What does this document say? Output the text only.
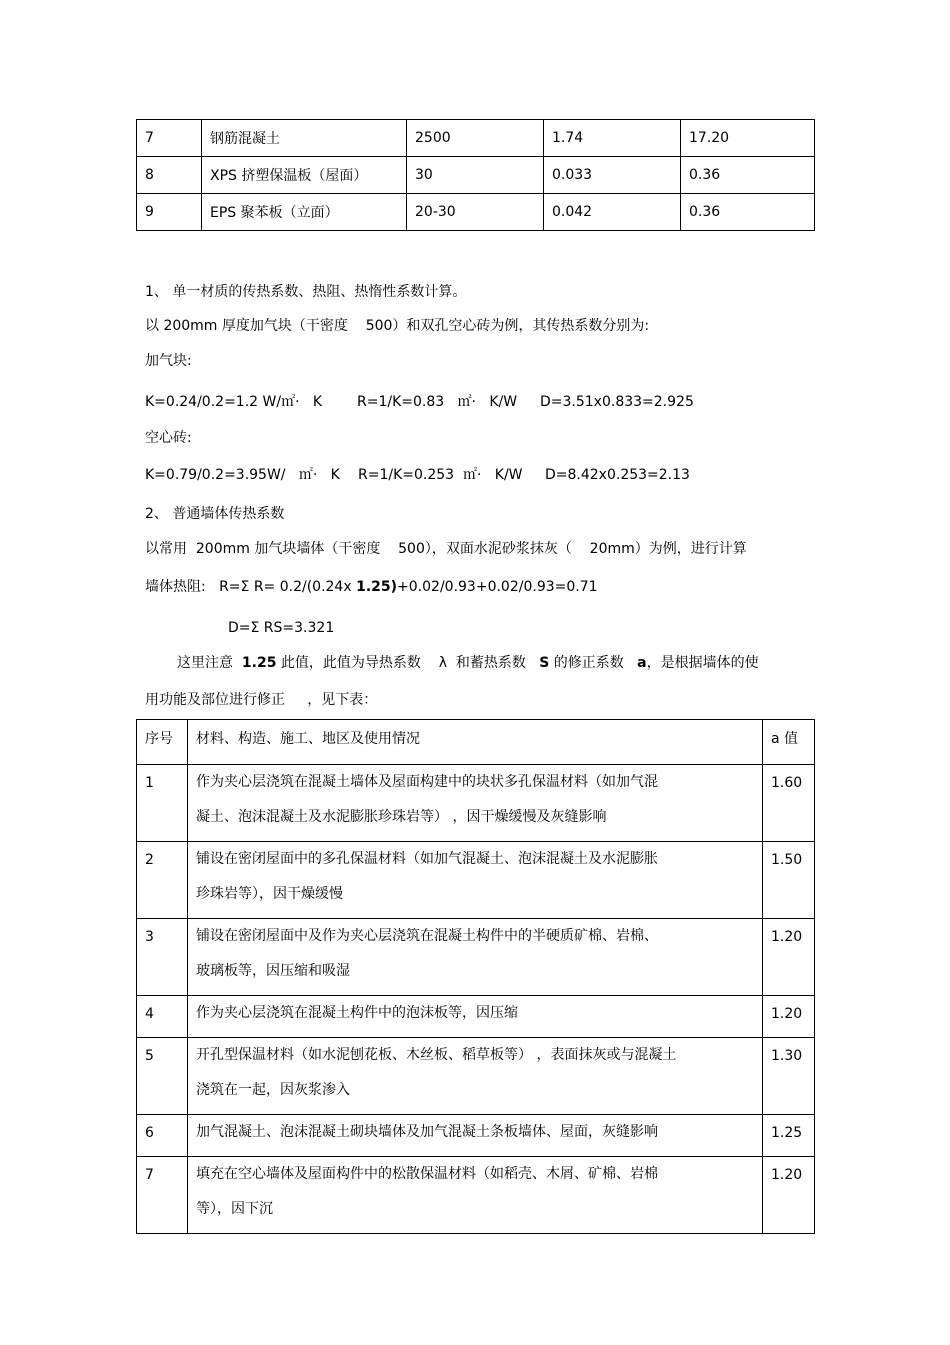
7	钢筋混凝土	2500	1.74	17.20
8	XPS 挤塑保温板（屋面）	30	0.033	0.36
9	EPS 聚苯板（立面）	20-30	0.042	0.36
1、 单一材质的传热系数、热阻、热惰性系数计算。
以 200mm 厚度加气块（干密度    500）和双孔空心砖为例，其传热系数分别为:
加气块:
K=0.24/0.2=1.2 W/㎡·   K R=1/K=0.83   ㎡·   K/W D=3.51x0.833=2.925
空心砖:
K=0.79/0.2=3.95W/   ㎡·   K R=1/K=0.253  ㎡·   K/W D=8.42x0.253=2.13
2、 普通墙体传热系数
以常用  200mm 加气块墙体（干密度    500），双面水泥砂浆抹灰（    20mm）为例，进行计算
墙体热阻:   R=Σ R= 0.2/(0.24x 1.25)+0.02/0.93+0.02/0.93=0.71
D=Σ RS=3.321
这里注意  1.25 此值，此值为导热系数    λ  和蓄热系数   S 的修正系数   a，是根据墙体的使
用功能及部位进行修正     ，见下表：
序号	材料、构造、施工、地区及使用情况	a 值
1	作为夹心层浇筑在混凝土墙体及屋面构建中的块状多孔保温材料（如加气混
凝土、泡沫混凝土及水泥膨胀珍珠岩等） ，因干燥缓慢及灰缝影响	1.60
2	铺设在密闭屋面中的多孔保温材料（如加气混凝土、泡沫混凝土及水泥膨胀
珍珠岩等），因干燥缓慢	1.50
3	铺设在密闭屋面中及作为夹心层浇筑在混凝土构件中的半硬质矿棉、岩棉、
玻璃板等，因压缩和吸湿	1.20
4	作为夹心层浇筑在混凝土构件中的泡沫板等，因压缩	1.20
5	开孔型保温材料（如水泥刨花板、木丝板、稻草板等） ，表面抹灰或与混凝土
浇筑在一起，因灰浆渗入	1.30
6	加气混凝土、泡沫混凝土砌块墙体及加气混凝土条板墙体、屋面，灰缝影响	1.25
7	填充在空心墙体及屋面构件中的松散保温材料（如稻壳、木屑、矿棉、岩棉
等），因下沉	1.20
